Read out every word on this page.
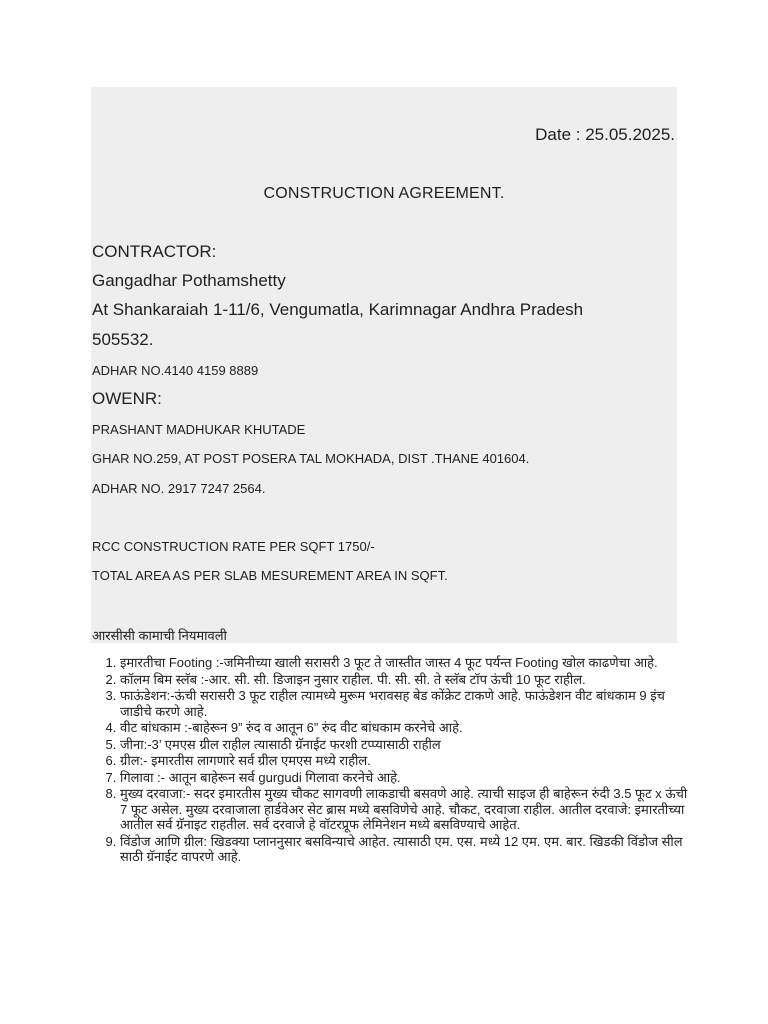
Date : 25.05.2025.
CONSTRUCTION AGREEMENT.
CONTRACTOR:
Gangadhar Pothamshetty
At Shankaraiah 1-11/6, Vengumatla, Karimnagar Andhra Pradesh
505532.
ADHAR NO.4140 4159 8889
OWENR:
PRASHANT MADHUKAR KHUTADE
GHAR NO.259, AT POST POSERA TAL MOKHADA, DIST .THANE 401604.
ADHAR NO. 2917 7247 2564.
RCC CONSTRUCTION RATE PER SQFT 1750/-
TOTAL AREA AS PER SLAB MESUREMENT AREA IN SQFT.
आरसीसी कामाची नियमावली
1. इमारतीचा Footing :-जमिनीच्या खाली सरासरी 3 फूट ते जास्तीत जास्त 4 फूट पर्यन्त Footing खोल काढणेचा आहे.
2. कॉलम बिम स्लॅब :-आर. सी. सी. डिजाइन नुसार राहील. पी. सी. सी. ते स्लॅब टॉप ऊंची 10 फूट राहील.
3. फाऊंडेशन:-ऊंची सरासरी 3 फूट राहील त्यामध्ये मुरूम भरावसह बेड कोंक्रेट टाकणे आहे. फाऊंडेशन वीट बांधकाम 9 इंच जाडीचे करणे आहे.
4. वीट बांधकाम :-बाहेरून 9” रुंद व आतून 6” रुंद वीट बांधकाम करनेचे आहे.
5. जीना:-3’ एमएस ग्रील राहील त्यासाठी ग्रॅनाईट फरशी टप्प्यासाठी राहील
6. ग्रील:- इमारतीस लागणारे सर्व ग्रील एमएस मध्ये राहील.
7. गिलावा :- आतून बाहेरून सर्व gurgudi गिलावा करनेचे आहे.
8. मुख्य दरवाजा:- सदर इमारतीस मुख्य चौकट सागवणी लाकडाची बसवणे आहे. त्याची साइज ही बाहेरून रुंदी 3.5 फूट x ऊंची 7 फूट असेल. मुख्य दरवाजाला हार्डवेअर सेट ब्रास मध्ये बसविणेचे आहे. चौकट, दरवाजा राहील. आतील दरवाजे: इमारतीच्या आतील सर्व ग्रॅनाइट राहतील. सर्व दरवाजे हे वॉटरप्रूफ लेमिनेशन मध्ये बसविण्याचे आहेत.
9. विंडोज आणि ग्रील: खिडक्या प्लाननुसार बसविन्याचे आहेत. त्यासाठी एम. एस. मध्ये 12 एम. एम. बार. खिडकी विंडोज सील साठी ग्रॅनाईट वापरणे आहे.
